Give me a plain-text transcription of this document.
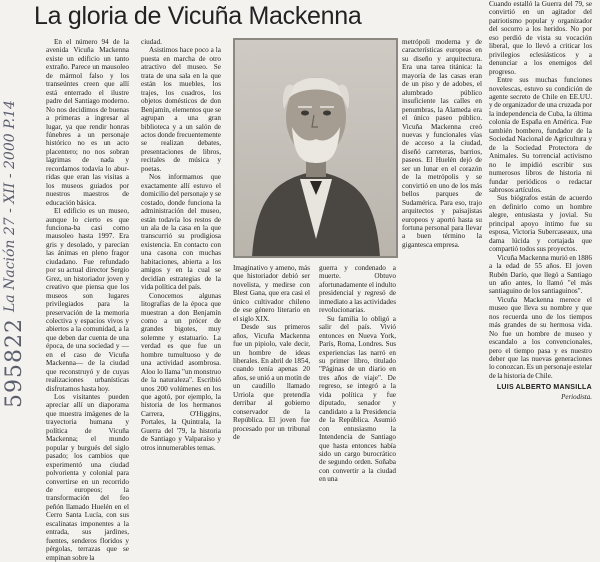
La gloria de Vicuña Mackenna
La Nación 27 - XII - 2000 P.14
595822

En el número 94 de la avenida Vicuña Mackenna existe un edificio un tanto extraño. Parece un mausoleo de mármol falso y los transeúntes creen que allí está enterrado el ilustre padre del Santiago moderno. No nos decidimos de buenas a primeras a ingresar al lugar, ya que rendir honras fúnebres a un personaje histórico no es un acto placentero; no nos sobran lágrimas de nada y recordamos todavía lo abur-ridas que eran las visitas a los museos guiados por nuestros maestros de educación básica.

El edificio es un museo, aunque lo cierto es que funciona-ba casi como mausoleo hasta 1997. Era gris y desolado, y parecían las ánimas en pleno fragor ciudadano. Fue refundado por su actual director Sergio Grez, un historiador joven y creativo que piensa que los museos son lugares privilegiados para la preservación de la memoria colectiva y espacios vivos y abiertos a la comunidad, a la que deben dar cuenta de una época, de una sociedad y —en el caso de Vicuña Mackenna— de la ciudad que reconstruyó y de cuyas realizaciones urbanísticas disfrutamos hasta hoy.

Los visitantes pueden apreciar allí un diaporama que muestra imágenes de la trayectoria humana y política de Vicuña Mackenna; el mundo popular y burgués del siglo pasado; los cambios que experimentó una ciudad polvorienta y colonial para convertirse en un recorrido de europeos; la transformación del feo peñón llamado Huelén en el Cerro Santa Lucía, con sus escalinatas imponentes a la entrada, sus jardines, fuentes, senderos floridos y pérgolas, terrazas que se empinan sobre la

ciudad.

Asistimos hace poco a la puesta en marcha de otro atractivo del museo. Se trata de una sala en la que están los muebles, los trajes, los cuadros, los objetos domésticos de don Benjamín, elementos que se agrupan a una gran biblioteca y a un salón de actos donde frecuentemente se realizan debates, presentaciones de libros, recitales de música y poetas.

Nos informamos que exactamente allí estuvo el domicilio del personaje y se costado, donde funciona la administración del museo, están todavía los restos de un ala de la casa en la que transcurrió su prodigiosa existencia. En contacto con una casona con muchas habitaciones, abierta a los amigos y en la cual se decidían estrategias de la vida política del país.

Conocemos algunas litografías de la época que muestran a don Benjamín como a un prócer de grandes bigotes, muy solemne y estatuario. La verdad es que fue un hombre tumultuoso y de una actividad asombrosa. Aloo lo llama "un monstruo de la naturaleza". Escribió unos 200 volúmenes en los que agotó, por ejemplo, la historia de los hermanos Carrera, O'Higgins, Portales, la Quintrala, la Guerra del '79, la historia de Santiago y Valparaíso y otros innumerables temas.

Imaginativo y ameno, más que historiador debió ser novelista, y medirse con Blest Gana, que era casi el único cultivador chileno de ese género literario en el siglo XIX.

Desde sus primeros años, Vicuña Mackenna fue un pipiolo, vale decir, un hombre de ideas liberales. En abril de 1854, cuando tenía apenas 20 años, se unió a un motín de un caudillo llamado Urriola que pretendía derribar al gobierno conservador de la República. El joven fue procesado por un tribunal de

guerra y condenado a muerte. Obtuvo afortunadamente el indulto presidencial y regresó de inmediato a las actividades revolucionarias.

Su familia lo obligó a salir del país. Vivió entonces en Nueva York, París, Roma, Londres. Sus experiencias las narró en su primer libro, titulado "Páginas de un diario en tres años de viaje". De regreso, se integró a la vida política y fue diputado, senador y candidato a la Presidencia de la República. Asumió con entusiasmo la Intendencia de Santiago que hasta entonces había sido un cargo burocrático de segundo orden. Soñaba con convertir a la ciudad en una

metrópoli moderna y de características europeas en su diseño y arquitectura. Era una tarea titánica: la mayoría de las casas eran de un piso y de adobes, el alumbrado público insuficiente las calles en penumbras, la Alameda era el único paseo público. Vicuña Mackenna creó nuevas y funcionales vías de acceso a la ciudad, diseñó carreteras, barrios, paseos. El Huelén dejó de ser un lunar en el corazón de la metrópolis y se convirtió en uno de los más bellos parques de Sudamérica. Para eso, trajo arquitectos y paisajistas europeos y aportó hasta su fortuna personal para llevar a buen término la gigantesca empresa.

Cuando estalló la Guerra del 79, se convirtió en un agitador del patriotismo popular y organizador del socorro a los heridos. No por eso perdió de vista su vocación liberal, que lo llevó a criticar los privilegios eclesiásticos y a denunciar a los enemigos del progreso.

Entre sus muchas funciones novelescas, estuvo su condición de agente secreto de Chile en EE.UU. y de organizador de una cruzada por la independencia de Cuba, la última colonia de España en América. Fue también bombero, fundador de la Sociedad Nacional de Agricultura y de la Sociedad Protectora de Animales. Su torrencial activismo no le impidió escribir sus numerosos libros de historia ni fundar periódicos o redactar sabrosos artículos.

Sus biógrafos están de acuerdo en definirlo como un hombre alegre, entusiasta y jovial. Su principal apoyo íntimo fue su esposa, Victoria Subercaseaux, una dama lúcida y cortajada que compartió todos sus proyectos.

Vicuña Mackenna murió en 1886 a la edad de 55 años. El joven Rubén Darío, que llegó a Santiago un año antes, lo llamó "el más santiaguino de los santiaguinos".

Vicuña Mackenna merece el museo que lleva su nombre y que nos recuerda uno de los tiempos más grandes de su hermosa vida. No fue un hombre de museo y escandalo a los convencionales, pero el tiempo pasa y es nuestro deber que las nuevas generaciones lo conozcan. Es un personaje estelar de la historia de Chile.

LUIS ALBERTO MANSILLA
Periodista.
